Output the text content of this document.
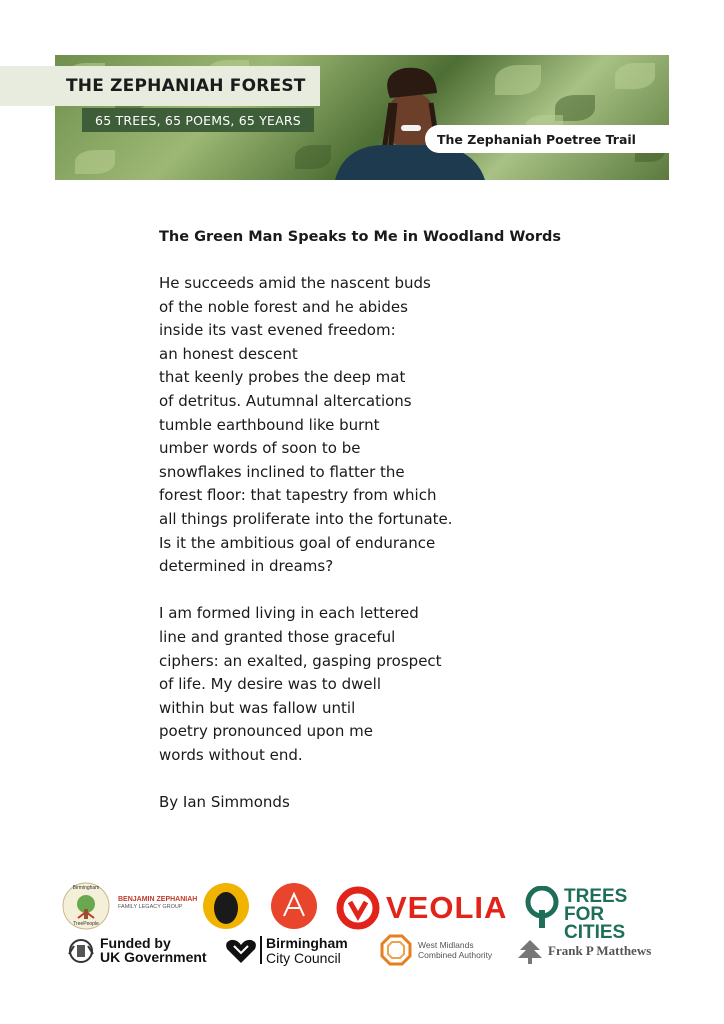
THE ZEPHANIAH FOREST
65 TREES, 65 POEMS, 65 YEARS
The Zephaniah Poetree Trail
The Green Man Speaks to Me in Woodland Words
He succeeds amid the nascent buds
of the noble forest and he abides
inside its vast evened freedom:
an honest descent
that keenly probes the deep mat
of detritus. Autumnal altercations
tumble earthbound like burnt
umber words of soon to be
snowflakes inclined to flatter the
forest floor: that tapestry from which
all things proliferate into the fortunate.
Is it the ambitious goal of endurance
determined in dreams?
I am formed living in each lettered
line and granted those graceful
ciphers: an exalted, gasping prospect
of life. My desire was to dwell
within but was fallow until
poetry pronounced upon me
words without end.
By Ian Simmonds
Birmingham
TreePeople
BENJAMIN ZEPHANIAH
FAMILY LEGACY GROUP	VEOLIA	TREES
FOR CITIES
Funded by
UK Government
Birmingham
City Council
West Midlands
Combined Authority	Frank P Matthews
